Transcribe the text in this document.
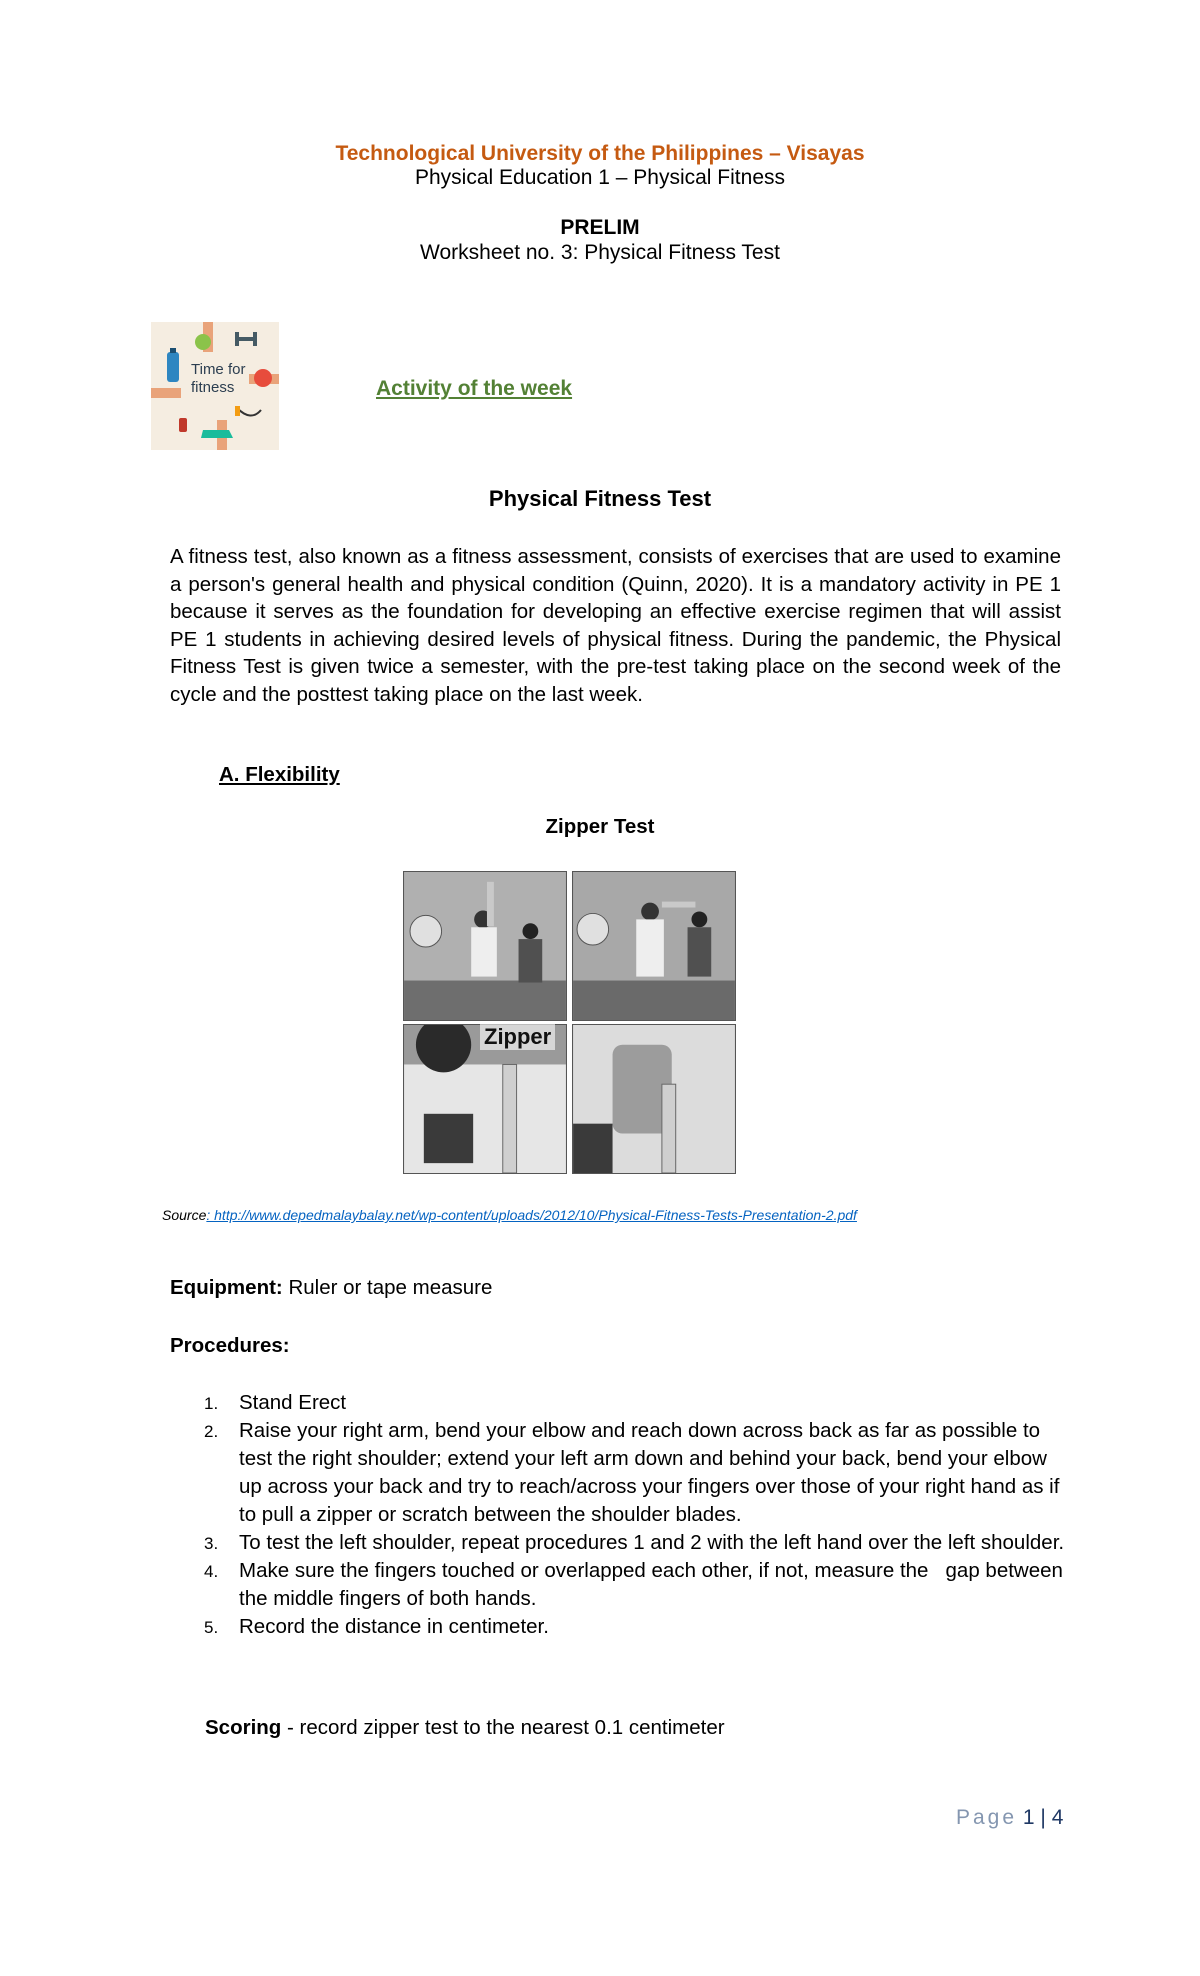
Technological University of the Philippines – Visayas
Physical Education 1 – Physical Fitness
PRELIM
Worksheet no. 3: Physical Fitness Test
Time for
fitness	Activity of the week
Physical Fitness Test

A fitness test, also known as a fitness assessment, consists of exercises that are used to examine a person's general health and physical condition (Quinn, 2020). It is a mandatory activity in PE 1 because it serves as the foundation for developing an effective exercise regimen that will assist PE 1 students in achieving desired levels of physical fitness. During the pandemic, the Physical Fitness Test is given twice a semester, with the pre-test taking place on the second week of the cycle and the posttest taking place on the last week.

A. Flexibility
Zipper Test
Zipper
Source: http://www.depedmalaybalay.net/wp-content/uploads/2012/10/Physical-Fitness-Tests-Presentation-2.pdf
Equipment: Ruler or tape measure
Procedures:
1. Stand Erect
2. Raise your right arm, bend your elbow and reach down across back as far as possible to test the right shoulder; extend your left arm down and behind your back, bend your elbow up across your back and try to reach/across your fingers over those of your right hand as if to pull a zipper or scratch between the shoulder blades.
3. To test the left shoulder, repeat procedures 1 and 2 with the left hand over the left shoulder.
4. Make sure the fingers touched or overlapped each other, if not, measure the   gap between the middle fingers of both hands.
5. Record the distance in centimeter.
Scoring - record zipper test to the nearest 0.1 centimeter
Page 1 | 4
